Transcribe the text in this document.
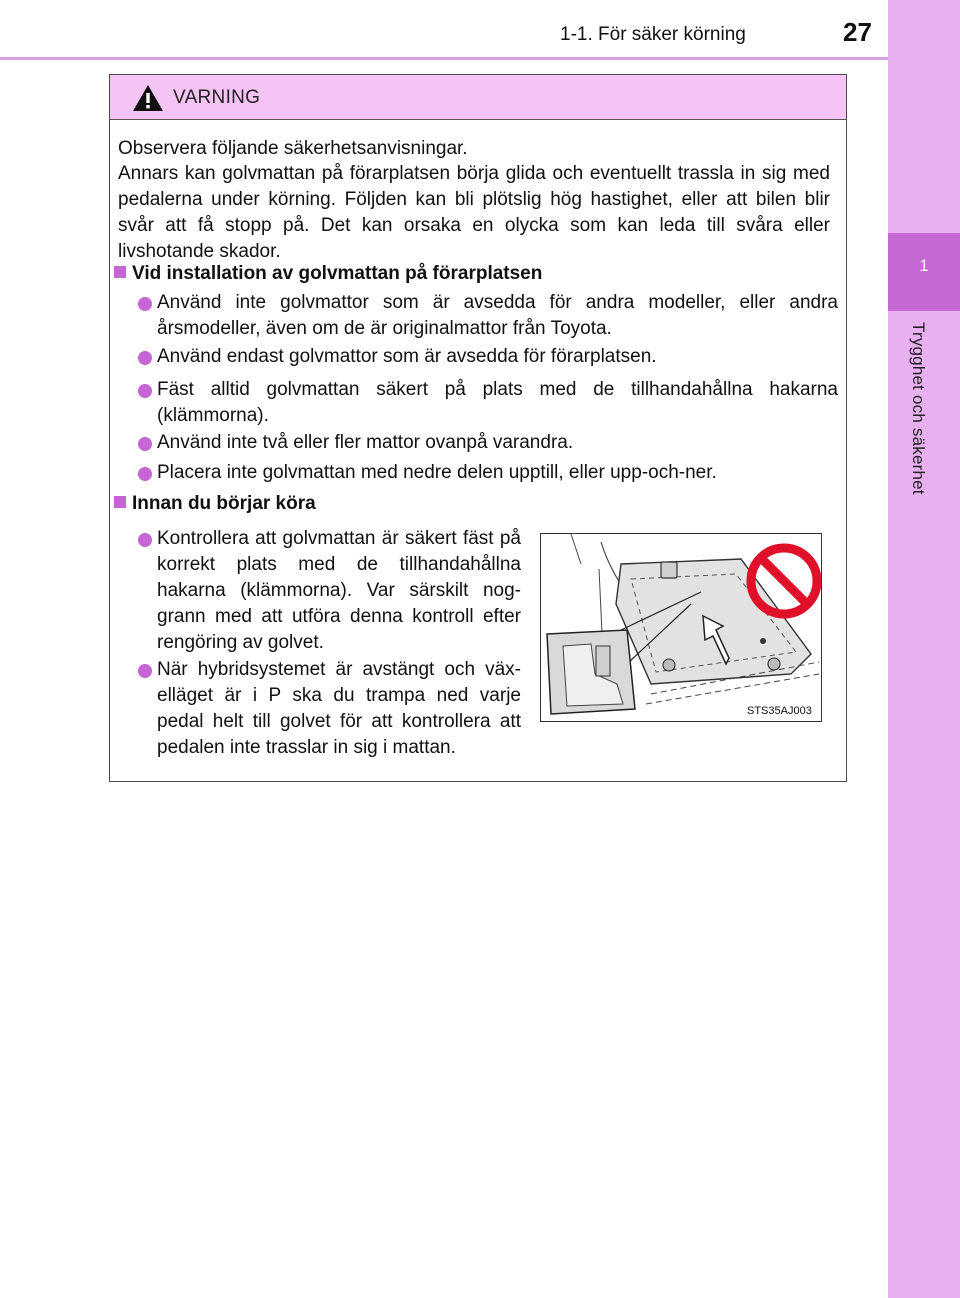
1-1. För säker körning	27
1
Trygghet och säkerhet
VARNING
Observera följande säkerhetsanvisningar.
Annars kan golvmattan på förarplatsen börja glida och eventuellt trassla in sig med pedalerna under körning. Följden kan bli plötslig hög hastighet, eller att bilen blir svår att få stopp på. Det kan orsaka en olycka som kan leda till svåra eller livshotande skador.
Vid installation av golvmattan på förarplatsen
Använd inte golvmattor som är avsedda för andra modeller, eller andra årsmodeller, även om de är originalmattor från Toyota.
Använd endast golvmattor som är avsedda för förarplatsen.
Fäst alltid golvmattan säkert på plats med de tillhandahållna hakarna (klämmorna).
Använd inte två eller fler mattor ovanpå varandra.
Placera inte golvmattan med nedre delen upptill, eller upp-och-ner.
Innan du börjar köra
Kontrollera att golvmattan är säkert fäst på korrekt plats med de tillhandahållna hakarna (klämmorna). Var särskilt nog-grann med att utföra denna kontroll efter rengöring av golvet.
När hybridsystemet är avstängt och väx-elläget är i P ska du trampa ned varje pedal helt till golvet för att kontrollera att pedalen inte trasslar in sig i mattan.
STS35AJ003
